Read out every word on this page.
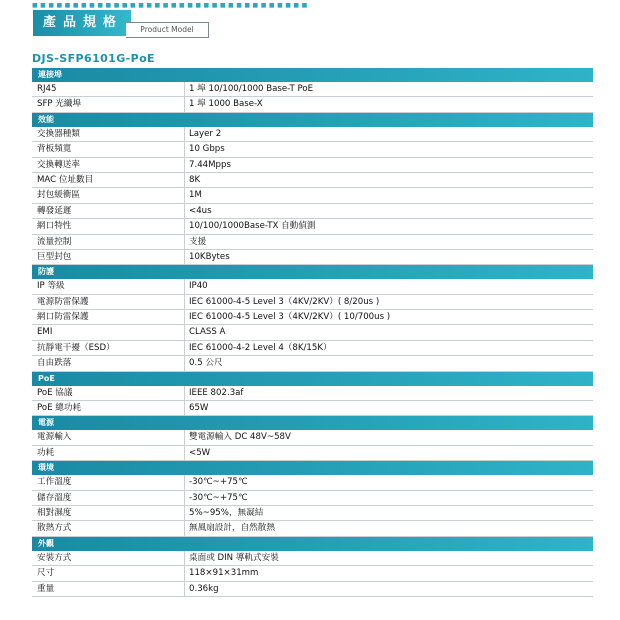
■■■■■■■■■■■■■■■■■■■■■■■■■■■■■■■■■■
產品規格	Product Model
DJS-SFP6101G-PoE
連接埠
RJ45	1 埠 10/100/1000 Base-T PoE
SFP 光纖埠	1 埠 1000 Base-X
效能
交換器種類	Layer 2
背板頻寬	10 Gbps
交換轉送率	7.44Mpps
MAC 位址數目	8K
封包緩衝區	1M
轉發延遲	<4us
網口特性	10/100/1000Base-TX 自動偵測
流量控制	支援
巨型封包	10KBytes
防護
IP 等級	IP40
電源防雷保護	IEC 61000-4-5 Level 3（4KV/2KV）( 8/20us )
網口防雷保護	IEC 61000-4-5 Level 3（4KV/2KV）( 10/700us )
EMI	CLASS A
抗靜電干擾（ESD）	IEC 61000-4-2 Level 4（8K/15K）
自由跌落	0.5 公尺
PoE
PoE 協議	IEEE 802.3af
PoE 總功耗	65W
電源
電源輸入	雙電源輸入 DC 48V~58V
功耗	<5W
環境
工作溫度	-30℃~+75℃
儲存溫度	-30℃~+75℃
相對濕度	5%~95%，無凝結
散熱方式	無風扇設計，自然散熱
外觀
安裝方式	桌面或 DIN 導軌式安裝
尺寸	118×91×31mm
重量	0.36kg
